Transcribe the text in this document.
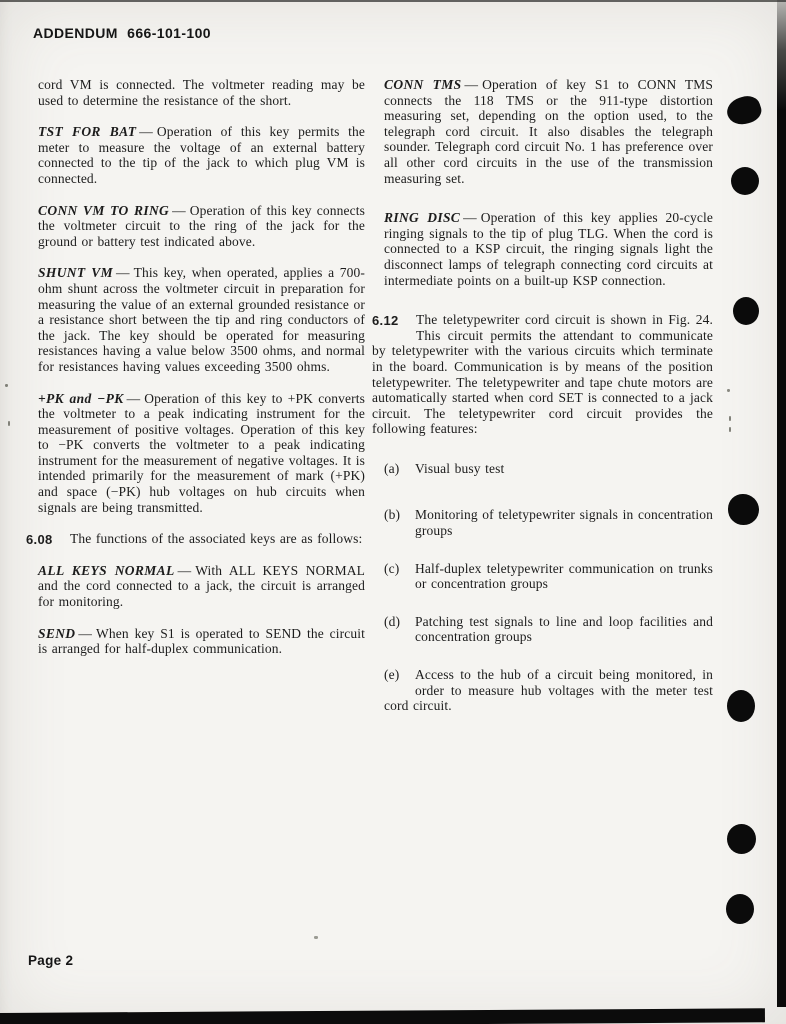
ADDENDUM 666-101-100

cord VM is connected. The voltmeter reading may be used to determine the resistance of the short.

TST FOR BAT — Operation of this key permits the meter to measure the voltage of an external battery connected to the tip of the jack to which plug VM is connected.

CONN VM TO RING — Operation of this key connects the voltmeter circuit to the ring of the jack for the ground or battery test indicated above.

SHUNT VM — This key, when operated, applies a 700-ohm shunt across the voltmeter circuit in preparation for measuring the value of an external grounded resistance or a resistance short between the tip and ring conductors of the jack. The key should be operated for measuring resistances having a value below 3500 ohms, and normal for resistances having values exceeding 3500 ohms.

+PK and −PK — Operation of this key to +PK converts the voltmeter to a peak indicating instrument for the measurement of positive voltages. Operation of this key to −PK converts the voltmeter to a peak indicating instrument for the measurement of negative voltages. It is intended primarily for the measurement of mark (+PK) and space (−PK) hub voltages on hub circuits when signals are being transmitted.

6.08	The functions of the associated keys are as follows:

ALL KEYS NORMAL — With ALL KEYS NORMAL and the cord connected to a jack, the circuit is arranged for monitoring.

SEND — When key S1 is operated to SEND the circuit is arranged for half-duplex communication.

CONN TMS — Operation of key S1 to CONN TMS connects the 118 TMS or the 911-type distortion measuring set, depending on the option used, to the telegraph cord circuit. It also disables the telegraph sounder. Telegraph cord circuit No. 1 has preference over all other cord circuits in the use of the transmission measuring set.

RING DISC — Operation of this key applies 20-cycle ringing signals to the tip of plug TLG. When the cord is connected to a KSP circuit, the ringing signals light the disconnect lamps of telegraph connecting cord circuits at intermediate points on a built-up KSP connection.

6.12	The teletypewriter cord circuit is shown in Fig. 24. This circuit permits the attendant to communicate by teletypewriter with the various circuits which terminate in the board. Communication is by means of the position teletypewriter. The teletypewriter and tape chute motors are automatically started when cord SET is connected to a jack circuit. The teletypewriter cord circuit provides the following features:

(a)	Visual busy test
(b)	Monitoring of teletypewriter signals in concentration groups
(c)	Half-duplex teletypewriter communication on trunks or concentration groups
(d)	Patching test signals to line and loop facilities and concentration groups
(e)	Access to the hub of a circuit being monitored, in order to measure hub voltages with the meter test cord circuit.
Page 2
